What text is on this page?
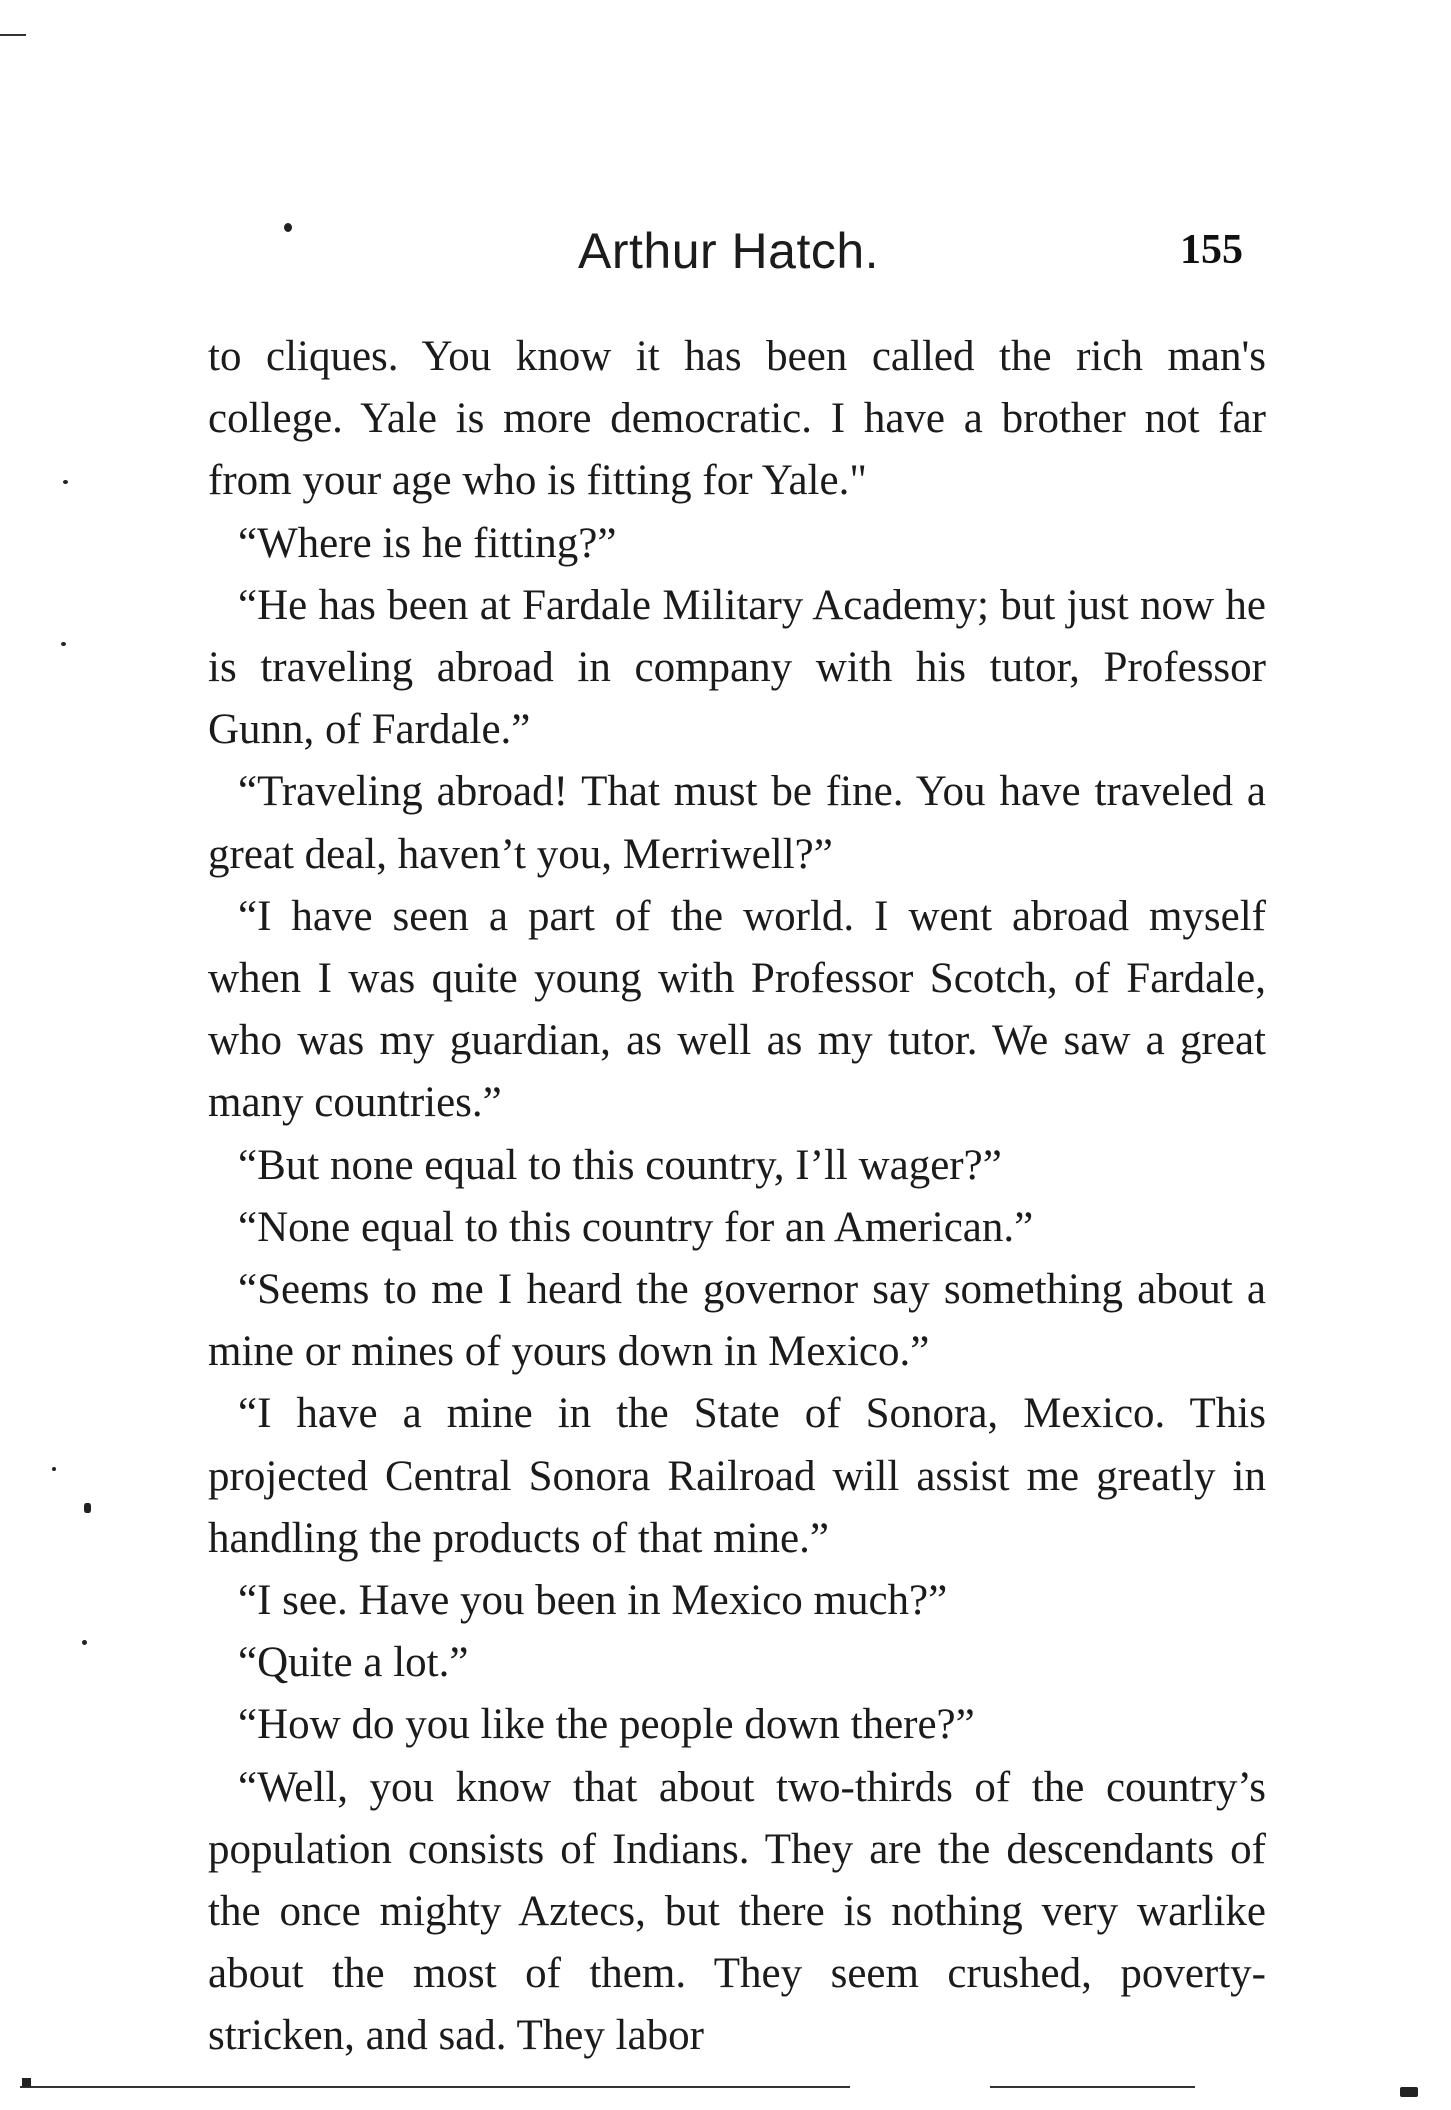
Arthur Hatch.	155

to cliques. You know it has been called the rich man's college. Yale is more democratic. I have a brother not far from your age who is fitting for Yale."

“Where is he fitting?”

“He has been at Fardale Military Academy; but just now he is traveling abroad in company with his tutor, Professor Gunn, of Fardale.”

“Traveling abroad! That must be fine. You have traveled a great deal, haven’t you, Merriwell?”

“I have seen a part of the world. I went abroad myself when I was quite young with Professor Scotch, of Fardale, who was my guardian, as well as my tutor. We saw a great many countries.”

“But none equal to this country, I’ll wager?”

“None equal to this country for an American.”

“Seems to me I heard the governor say something about a mine or mines of yours down in Mexico.”

“I have a mine in the State of Sonora, Mexico. This projected Central Sonora Railroad will assist me greatly in handling the products of that mine.”

“I see. Have you been in Mexico much?”

“Quite a lot.”

“How do you like the people down there?”

“Well, you know that about two-thirds of the country’s population consists of Indians. They are the descendants of the once mighty Aztecs, but there is nothing very warlike about the most of them. They seem crushed, poverty-stricken, and sad. They labor
